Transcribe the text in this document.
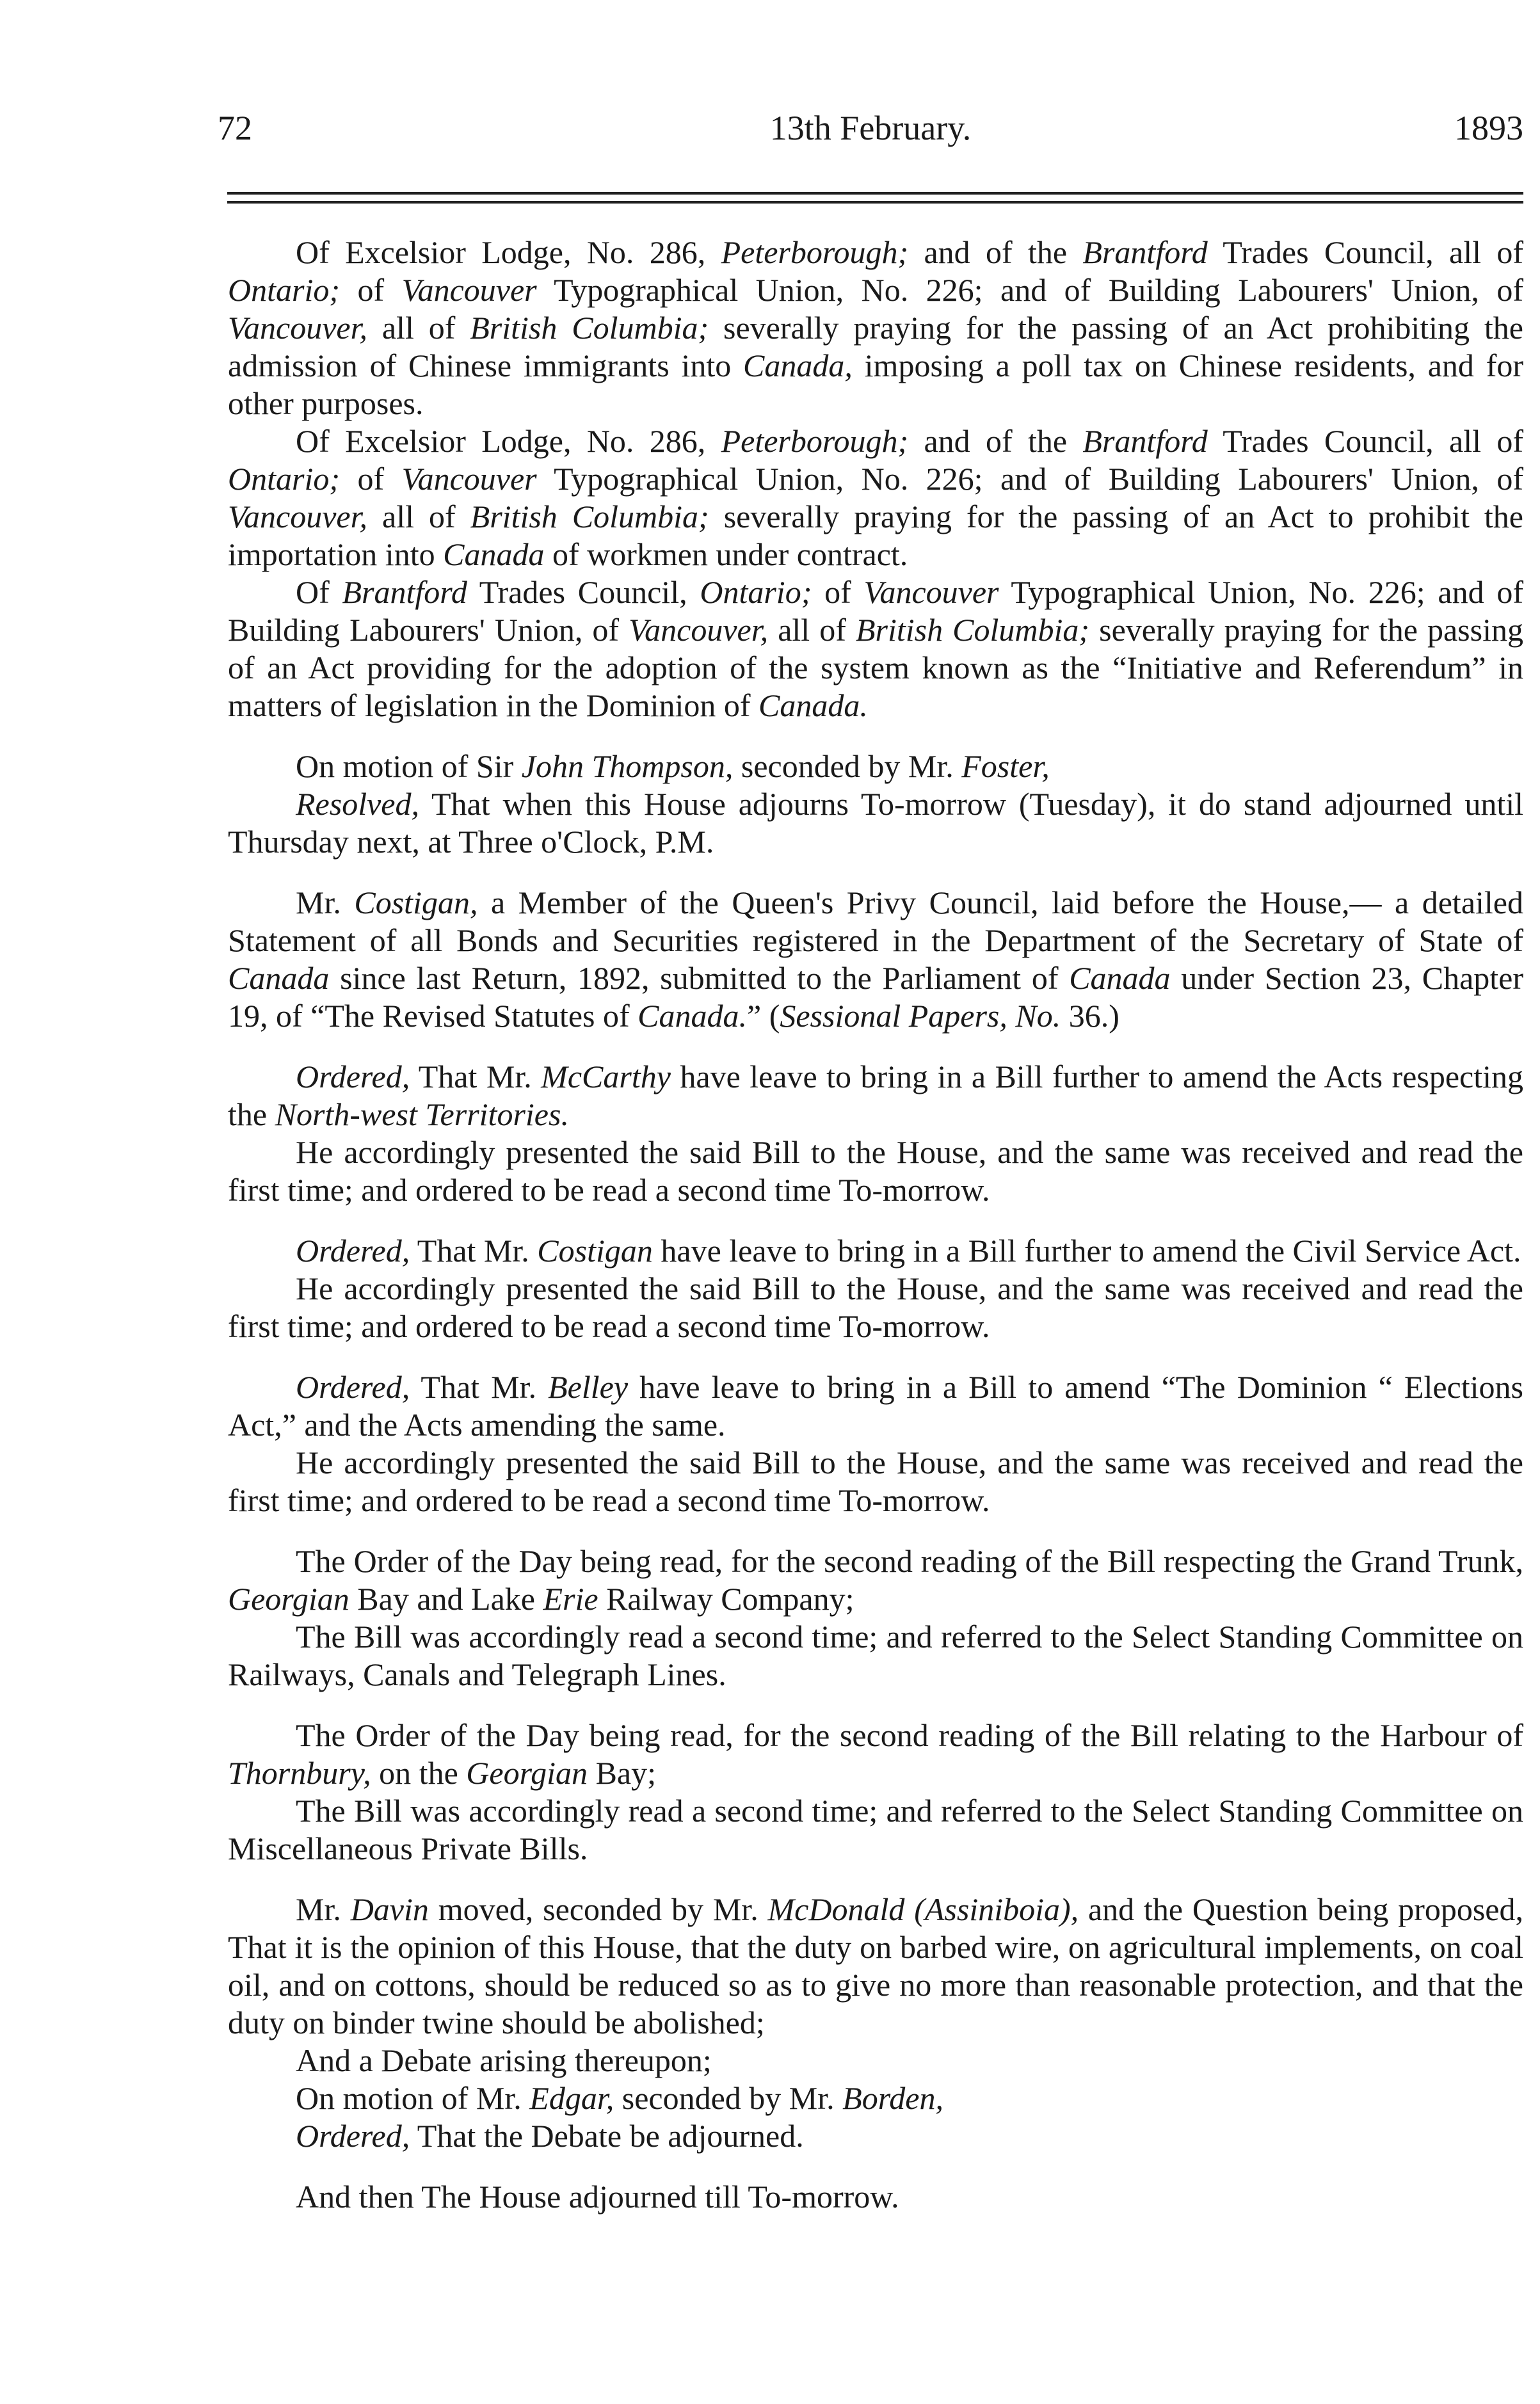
72	13th February.	1893

Of Excelsior Lodge, No. 286, Peterborough; and of the Brantford Trades Council, all of Ontario; of Vancouver Typographical Union, No. 226; and of Building Labourers' Union, of Vancouver, all of British Columbia; severally praying for the passing of an Act prohibiting the admission of Chinese immigrants into Canada, imposing a poll tax on Chinese residents, and for other purposes.

Of Excelsior Lodge, No. 286, Peterborough; and of the Brantford Trades Council, all of Ontario; of Vancouver Typographical Union, No. 226; and of Building Labourers' Union, of Vancouver, all of British Columbia; severally praying for the passing of an Act to prohibit the importation into Canada of workmen under contract.

Of Brantford Trades Council, Ontario; of Vancouver Typographical Union, No. 226; and of Building Labourers' Union, of Vancouver, all of British Columbia; severally praying for the passing of an Act providing for the adoption of the system known as the “Initiative and Referendum” in matters of legislation in the Dominion of Canada.

On motion of Sir John Thompson, seconded by Mr. Foster,

Resolved, That when this House adjourns To-morrow (Tuesday), it do stand adjourned until Thursday next, at Three o'Clock, P.M.

Mr. Costigan, a Member of the Queen's Privy Council, laid before the House,— a detailed Statement of all Bonds and Securities registered in the Department of the Secretary of State of Canada since last Return, 1892, submitted to the Parliament of Canada under Section 23, Chapter 19, of “The Revised Statutes of Canada.” (Sessional Papers, No. 36.)

Ordered, That Mr. McCarthy have leave to bring in a Bill further to amend the Acts respecting the North-west Territories.

He accordingly presented the said Bill to the House, and the same was received and read the first time; and ordered to be read a second time To-morrow.

Ordered, That Mr. Costigan have leave to bring in a Bill further to amend the Civil Service Act.

He accordingly presented the said Bill to the House, and the same was received and read the first time; and ordered to be read a second time To-morrow.

Ordered, That Mr. Belley have leave to bring in a Bill to amend “The Dominion “ Elections Act,” and the Acts amending the same.

He accordingly presented the said Bill to the House, and the same was received and read the first time; and ordered to be read a second time To-morrow.

The Order of the Day being read, for the second reading of the Bill respecting the Grand Trunk, Georgian Bay and Lake Erie Railway Company;

The Bill was accordingly read a second time; and referred to the Select Standing Committee on Railways, Canals and Telegraph Lines.

The Order of the Day being read, for the second reading of the Bill relating to the Harbour of Thornbury, on the Georgian Bay;

The Bill was accordingly read a second time; and referred to the Select Standing Committee on Miscellaneous Private Bills.

Mr. Davin moved, seconded by Mr. McDonald (Assiniboia), and the Question being proposed, That it is the opinion of this House, that the duty on barbed wire, on agricultural implements, on coal oil, and on cottons, should be reduced so as to give no more than reasonable protection, and that the duty on binder twine should be abolished;

And a Debate arising thereupon;

On motion of Mr. Edgar, seconded by Mr. Borden,

Ordered, That the Debate be adjourned.

And then The House adjourned till To-morrow.
